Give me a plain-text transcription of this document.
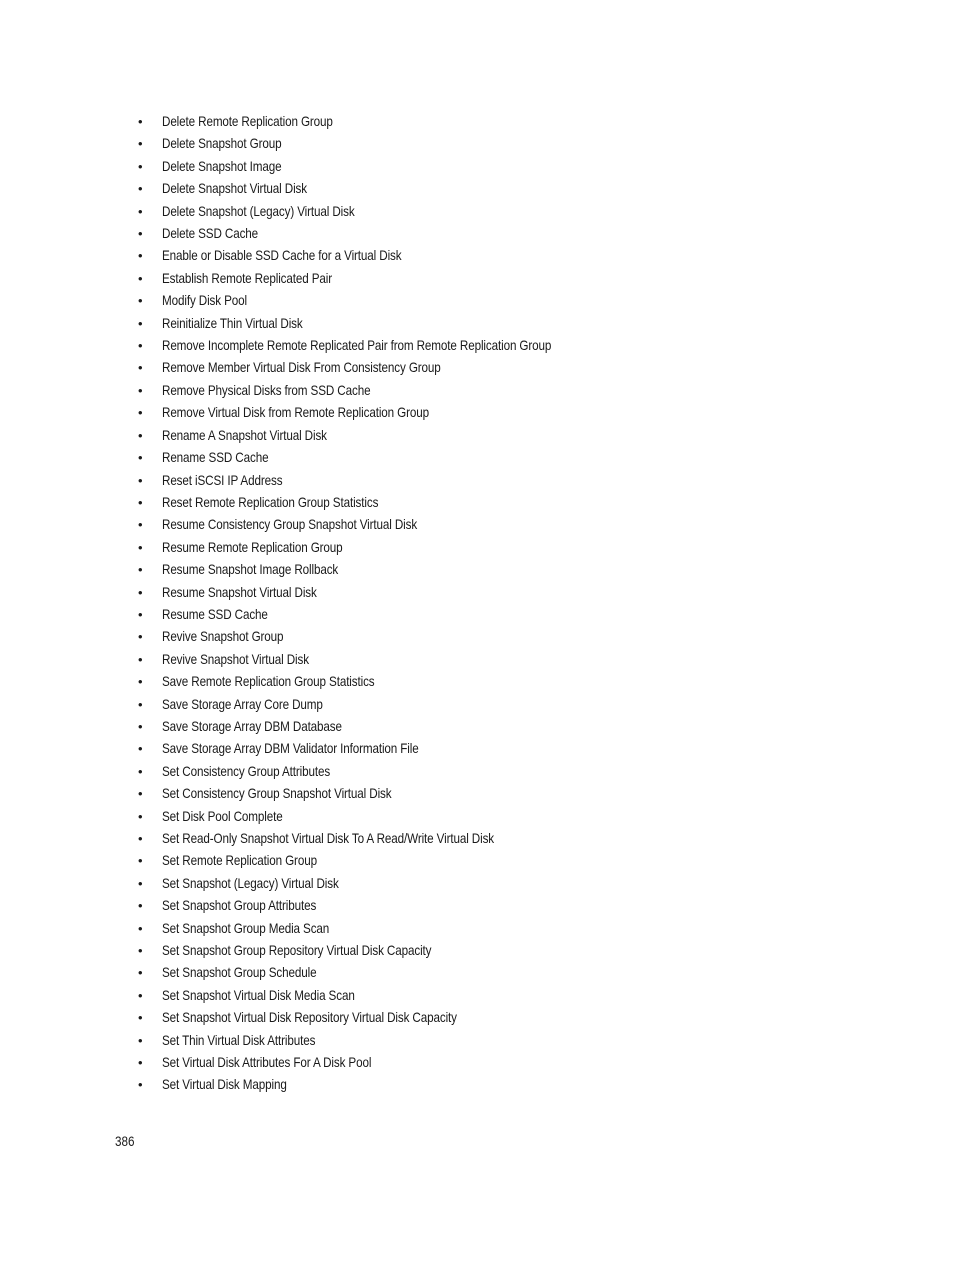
• Delete Remote Replication Group
• Delete Snapshot Group
• Delete Snapshot Image
• Delete Snapshot Virtual Disk
• Delete Snapshot (Legacy) Virtual Disk
• Delete SSD Cache
• Enable or Disable SSD Cache for a Virtual Disk
• Establish Remote Replicated Pair
• Modify Disk Pool
• Reinitialize Thin Virtual Disk
• Remove Incomplete Remote Replicated Pair from Remote Replication Group
• Remove Member Virtual Disk From Consistency Group
• Remove Physical Disks from SSD Cache
• Remove Virtual Disk from Remote Replication Group
• Rename A Snapshot Virtual Disk
• Rename SSD Cache
• Reset iSCSI IP Address
• Reset Remote Replication Group Statistics
• Resume Consistency Group Snapshot Virtual Disk
• Resume Remote Replication Group
• Resume Snapshot Image Rollback
• Resume Snapshot Virtual Disk
• Resume SSD Cache
• Revive Snapshot Group
• Revive Snapshot Virtual Disk
• Save Remote Replication Group Statistics
• Save Storage Array Core Dump
• Save Storage Array DBM Database
• Save Storage Array DBM Validator Information File
• Set Consistency Group Attributes
• Set Consistency Group Snapshot Virtual Disk
• Set Disk Pool Complete
• Set Read-Only Snapshot Virtual Disk To A Read/Write Virtual Disk
• Set Remote Replication Group
• Set Snapshot (Legacy) Virtual Disk
• Set Snapshot Group Attributes
• Set Snapshot Group Media Scan
• Set Snapshot Group Repository Virtual Disk Capacity
• Set Snapshot Group Schedule
• Set Snapshot Virtual Disk Media Scan
• Set Snapshot Virtual Disk Repository Virtual Disk Capacity
• Set Thin Virtual Disk Attributes
• Set Virtual Disk Attributes For A Disk Pool
• Set Virtual Disk Mapping
386
